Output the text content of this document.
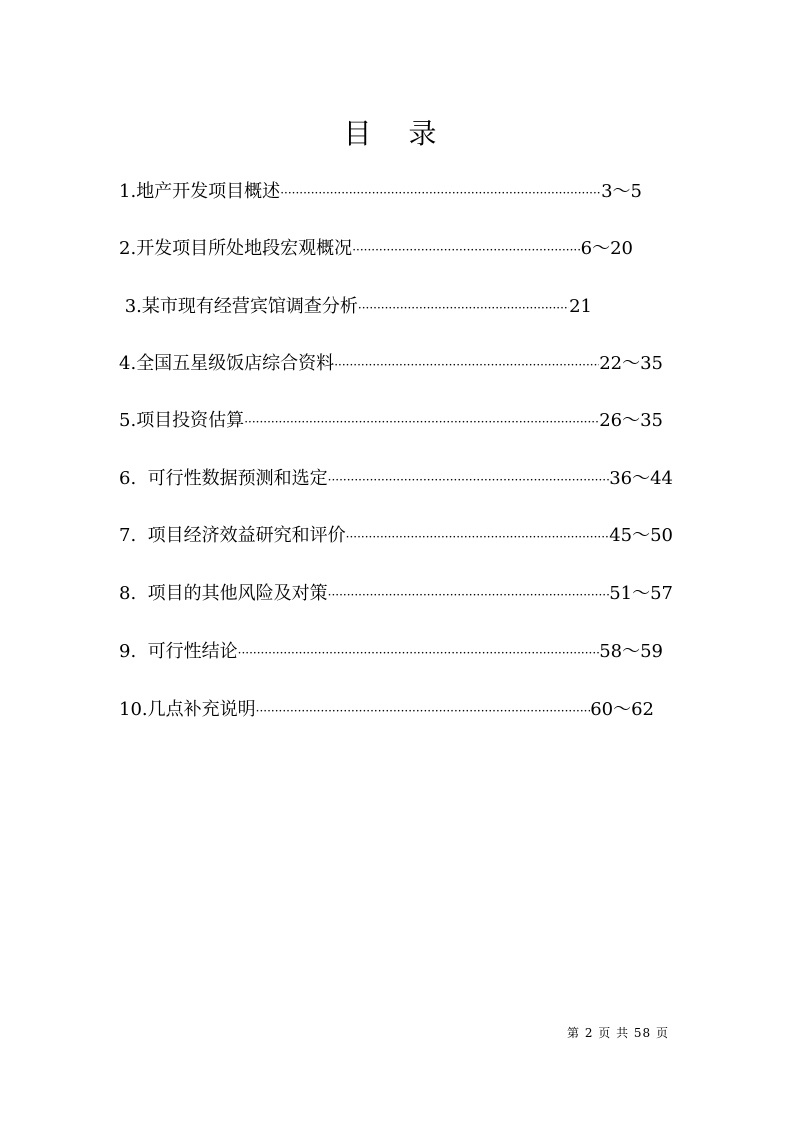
目 录
1. 地产开发项目概述 ·····	3～5
2. 开发项目所处地段宏观概况 ·····	6～20
3. 某市现有经营宾馆调查分析 ·····	21
4. 全国五星级饭店综合资料 ·····	22～35
5. 项目投资估算 ·····	26～35
6. 可行性数据预测和选定 ·····	36～44
7. 项目经济效益研究和评价 ·····	45～50
8. 项目的其他风险及对策 ·····	51～57
9. 可行性结论 ·····	58～59
10. 几点补充说明 ·····	60～62
第 2 页 共 58 页
